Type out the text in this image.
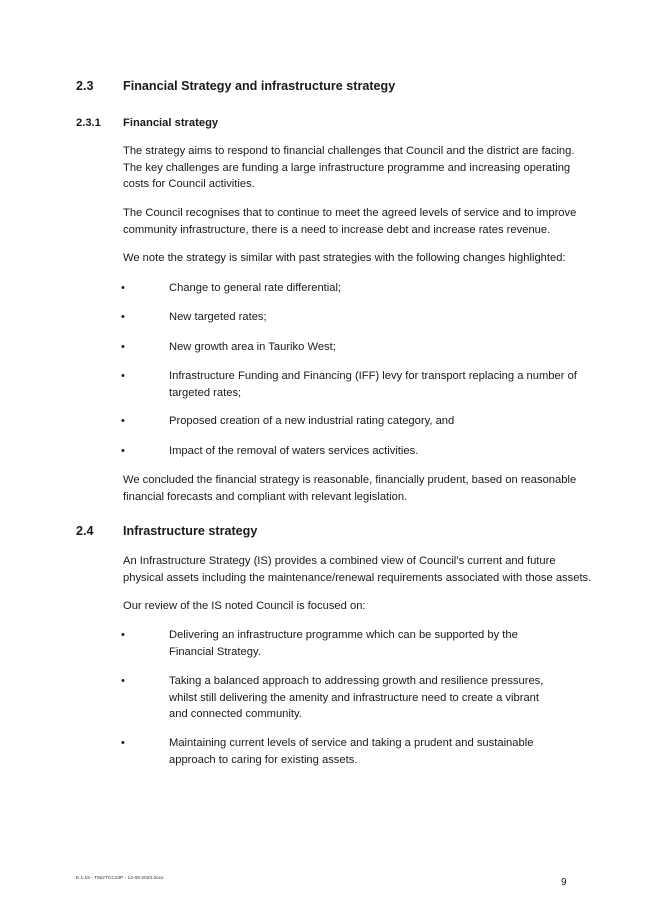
2.3 Financial Strategy and infrastructure strategy
2.3.1 Financial strategy
The strategy aims to respond to financial challenges that Council and the district are facing. The key challenges are funding a large infrastructure programme and increasing operating costs for Council activities.
The Council recognises that to continue to meet the agreed levels of service and to improve community infrastructure, there is a need to increase debt and increase rates revenue.
We note the strategy is similar with past strategies with the following changes highlighted:
•	Change to general rate differential;
•	New targeted rates;
•	New growth area in Tauriko West;
•	Infrastructure Funding and Financing (IFF) levy for transport replacing a number of targeted rates;
•	Proposed creation of a new industrial rating category, and
•	Impact of the removal of waters services activities.
We concluded the financial strategy is reasonable, financially prudent, based on reasonable financial forecasts and compliant with relevant legislation.
2.4 Infrastructure strategy
An Infrastructure Strategy (IS) provides a combined view of Council’s current and future physical assets including the maintenance/renewal requirements associated with those assets.
Our review of the IS noted Council is focused on:
•	Delivering an infrastructure programme which can be supported by the Financial Strategy.
•	Taking a balanced approach to addressing growth and resilience pressures, whilst still delivering the amenity and infrastructure need to create a vibrant and connected community.
•	Maintaining current levels of service and taking a prudent and sustainable approach to caring for existing assets.
E.1.18 - T922TCC24P - 12-09-2023.docx	9
